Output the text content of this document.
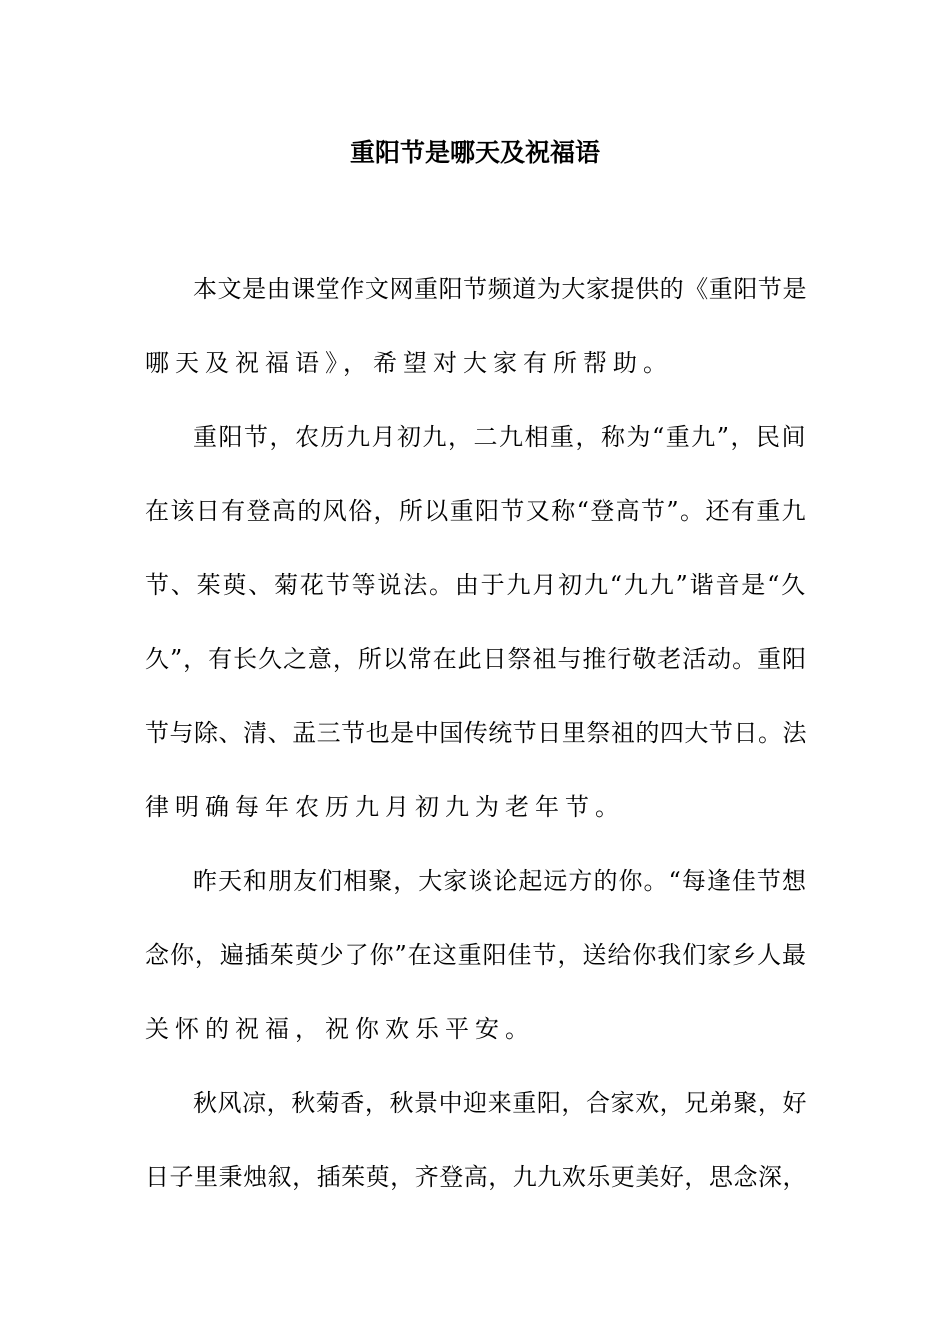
重阳节是哪天及祝福语
本文是由课堂作文网重阳节频道为大家提供的《重阳节是
哪天及祝福语》，希望对大家有所帮助。
重阳节，农历九月初九，二九相重，称为“重九”，民间
在该日有登高的风俗，所以重阳节又称“登高节”。还有重九
节、茱萸、菊花节等说法。由于九月初九“九九”谐音是“久
久”，有长久之意，所以常在此日祭祖与推行敬老活动。重阳
节与除、清、盂三节也是中国传统节日里祭祖的四大节日。法
律明确每年农历九月初九为老年节。
昨天和朋友们相聚，大家谈论起远方的你。“每逢佳节想
念你，遍插茱萸少了你”在这重阳佳节，送给你我们家乡人最
关怀的祝福，祝你欢乐平安。
秋风凉，秋菊香，秋景中迎来重阳，合家欢，兄弟聚，好
日子里秉烛叙，插茱萸，齐登高，九九欢乐更美好，思念深，
